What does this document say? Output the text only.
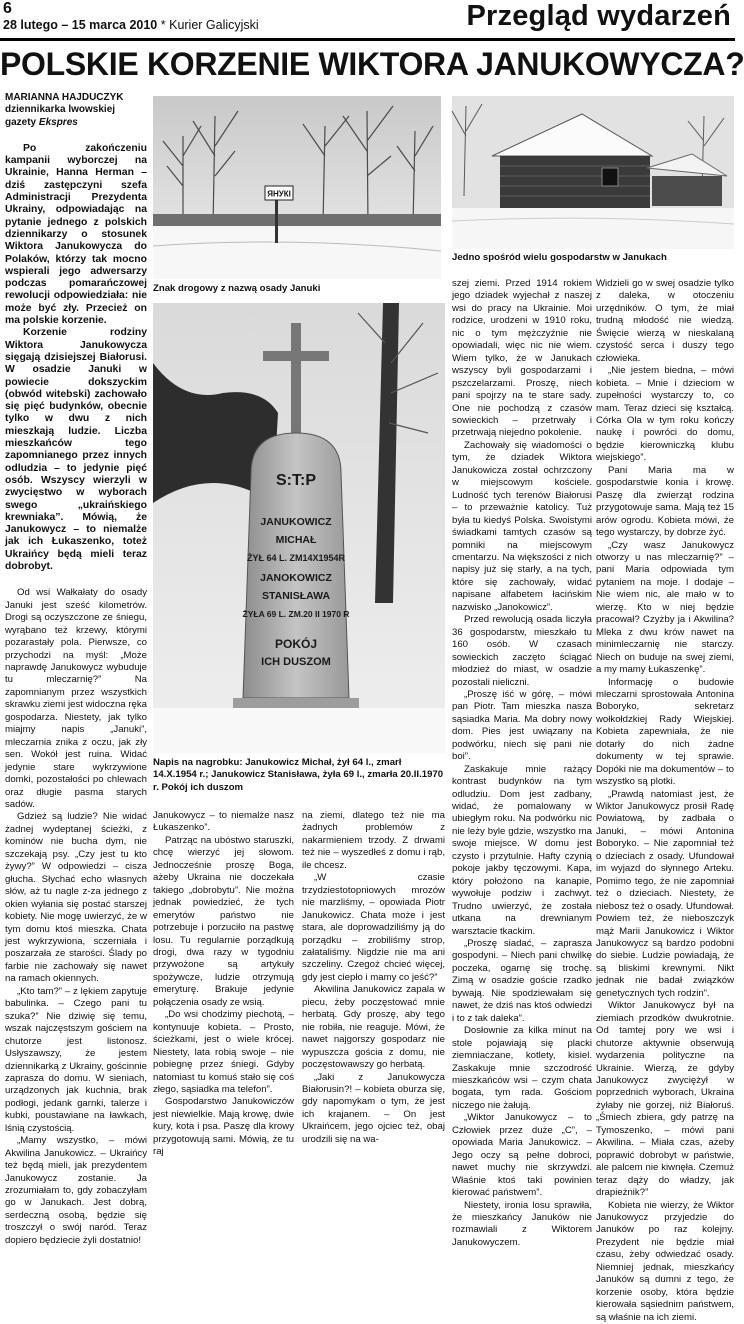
6
28 lutego – 15 marca 2010 * Kurier Galicyjski	Przegląd wydarzeń
POLSKIE KORZENIE WIKTORA JANUKOWYCZA?
MARIANNA HAJDUCZYK
dziennikarka lwowskiej gazety Ekspres

Po zakończeniu kampanii wyborczej na Ukrainie, Hanna Herman – dziś zastępczyni szefa Administracji Prezydenta Ukrainy, odpowiadając na pytanie jednego z polskich dziennikarzy o stosunek Wiktora Janukowycza do Polaków, którzy tak mocno wspierali jego adwersarzy podczas pomarańczowej rewolucji odpowiedziała: nie może być zły. Przecież on ma polskie korzenie.

Korzenie rodziny Wiktora Janukowycza sięgają dzisiejszej Białorusi. W osadzie Januki w powiecie dokszyckim (obwód witebski) zachowało się pięć budynków, obecnie tylko w dwu z nich mieszkają ludzie. Liczba mieszkańców tego zapomnianego przez innych odludzia – to jedynie pięć osób. Wszyscy wierzyli w zwycięstwo w wyborach swego „ukraińskiego krewniaka”. Mówią, że Janukowycz – to niemalże jak ich Łukaszenko, toteż Ukraińcy będą mieli teraz dobrobyt.

Od wsi Wałkałaty do osady Januki jest sześć kilometrów. Drogi są oczyszczone ze śniegu, wyrąbano też krzewy, którymi pozarastały pola. Pierwsze, co przychodzi na myśl: „Może naprawdę Janukowycz wybuduje tu mleczarnię?” Na zapomnianym przez wszystkich skrawku ziemi jest widoczna ręka gospodarza. Niestety, jak tylko miajmy napis „Januki”, mleczarnia znika z oczu, jak zły sen. Wokół jest ruina. Widać jedynie stare wykrzywione domki, pozostałości po chlewach oraz długie pasma starych sadów.

Gdzież są ludzie? Nie widać żadnej wydeptanej ścieżki, z kominów nie bucha dym, nie szczekają psy. „Czy jest tu kto żywy?” W odpowiedzi – cisza głucha. Słychać echo własnych słów, aż tu nagle z-za jednego z okien wyłania się postać starszej kobiety. Nie mogę uwierzyć, że w tym domu ktoś mieszka. Chata jest wykrzywiona, sczerniała i poszarzała ze starości. Ślady po farbie nie zachowały się nawet na ramach okiennych.

„Kto tam?” – z lękiem zapytuje babulinka. – Czego pani tu szuka?” Nie dziwię się temu, wszak najczęstszym gościem na chutorze jest listonosz. Usłyszawszy, że jestem dziennikarką z Ukrainy, gościnnie zaprasza do domu. W sieniach, urządzonych jak kuchnia, brak podłogi, jedank garnki, talerze i kubki, poustawiane na ławkach, lśnią czystością.

„Mamy wszystko, – mówi Akwilina Janukowicz. – Ukraińcy też będą mieli, jak prezydentem Janukowycz zostanie. Ja zrozumiałam to, gdy zobaczyłam go w Janukach. Jest dobrą, serdeczną osobą, będzie się troszczył o swój naród. Teraz dopiero będziecie żyli dostatnio!

ЯНУКІ
Znak drogowy z nazwą osady Januki
Jedno spośród wielu gospodarstw w Janukach
S:T:P
JANUKOWICZ
MICHAŁ
ŻYŁ 64 L. ZM14X1954R
JANOKOWICZ
STANISŁAWA
ŻYŁA 69 L. ZM.20 II 1970 R
POKÓJ
ICH DUSZOM
Napis na nagrobku: Janukowicz Michał, żył 64 l., zmarł 14.X.1954 r.; Janukowicz Stanisława, żyła 69 l., zmarła 20.II.1970 r. Pokój ich duszom

szej ziemi. Przed 1914 rokiem jego dziadek wyjechał z naszej wsi do pracy na Ukrainie. Moi rodzice, urodzeni w 1910 roku, nic o tym mężczyźnie nie opowiadali, więc nic nie wiem. Wiem tylko, że w Janukach wszyscy byli gospodarzami i pszczelarzami. Proszę, niech pani spojrzy na te stare sady. One nie pochodzą z czasów sowieckich – przetrwały i przetrwają niejedno pokolenie.

Zachowały się wiadomości o tym, że dziadek Wiktora Janukowicza został ochrzczony w miejscowym kościele. Ludność tych terenów Białorusi – to przeważnie katolicy. Tuż była tu kiedyś Polska. Swoistymi świadkami tamtych czasów są pomniki na miejscowym cmentarzu. Na większości z nich napisy już się starły, a na tych, które się zachowały, widać napisane alfabetem łacińskim nazwisko „Janokowicz”.

Przed rewolucją osada liczyła 36 gospodarstw, mieszkało tu 160 osób. W czasach sowieckich zaczęto ściągać młodzież do miast, w osadzie pozostali nieliczni.

„Proszę iść w górę, – mówi pan Piotr. Tam mieszka nasza sąsiadka Maria. Ma dobry nowy dom. Pies jest uwiązany na podwórku, niech się pani nie boi”.

Zaskakuje mnie rażący kontrast budynków na tym odludziu. Dom jest zadbany, widać, że pomalowany w ubiegłym roku. Na podwórku nic nie leży byle gdzie, wszystko ma swoje miejsce. W domu jest czysto i przytulnie. Hafty czynią pokoje jakby tęczowymi. Kapa, który położono na kanapie, wywołuje podziw i zachwyt. Trudno uwierzyć, że została utkana na drewnianym warsztacie tkackim.

„Proszę siadać, – zaprasza gospodyni. – Niech pani chwilkę poczeka, ogarnę się trochę. Zimą w osadzie goście rzadko bywają. Nie spodziewałam się nawet, że dziś nas ktoś odwiedzi i to z tak daleka”.

Dosłownie za kilka minut na stole pojawiają się placki ziemniaczane, kotlety, kisiel. Zaskakuje mnie szczodrość mieszkańców wsi – czym chata bogata, tym rada. Gościom niczego nie żałują.

„Wiktor Janukowycz – to Człowiek przez duże „C”, – opowiada Maria Janukowicz. – Jego oczy są pełne dobroci, nawet muchy nie skrzywdzi. Właśnie ktoś taki powinien kierować państwem”.

Niestety, ironia losu sprawiła, że mieszkańcy Januków nie rozmawiali z Wiktorem Janukowyczem.

Widzieli go w swej osadzie tylko z daleka, w otoczeniu urzędników. O tym, że miał trudną młodość nie wiedzą. Święcie wierzą w nieskalaną czystość serca i duszy tego człowieka.

„Nie jestem biedna, – mówi kobieta. – Mnie i dzieciom w zupełności wystarczy to, co mam. Teraz dzieci się kształcą. Córka Ola w tym roku kończy naukę i powróci do domu, będzie kierowniczką klubu wiejskiego”.

Pani Maria ma w gospodarstwie konia i krowę. Paszę dla zwierząt rodzina przygotowuje sama. Mają też 15 arów ogrodu. Kobieta mówi, że tego wystarczy, by dobrze żyć.

„Czy wasz Janukowycz otworzy u nas mleczarnię?” – pani Maria odpowiada tym pytaniem na moje. I dodaje – Nie wiem nic, ale mało w to wierzę. Kto w niej będzie pracował? Czyżby ja i Akwilina? Mleka z dwu krów nawet na minimleczarnię nie starczy. Niech on buduje na swej ziemi, a my mamy Łukaszenkę”.

Informację o budowie mleczarni sprostowała Antonina Boboryko, sekretarz wołkołdzkiej Rady Wiejskiej. Kobieta zapewniała, że nie dotarły do nich żadne dokumenty w tej sprawie. Dopóki nie ma dokumentów – to wszystko są plotki.

„Prawdą natomiast jest, że Wiktor Janukowycz prosił Radę Powiatową, by zadbała o Januki, – mówi Antonina Boboryko. – Nie zapomniał też o dzieciach z osady. Ufundował im wyjazd do słynnego Arteku. Pomimo tego, że nie zapomniał też o dzieciach. Niestety, że niebosz też o osady. Ufundował. Powiem też, że nieboszczyk mąż Marii Janukowicz i Wiktor Janukowycz są bardzo podobni do siebie. Ludzie powiadają, że są bliskimi krewnymi. Nikt jednak nie badał związków genetycznych tych rodzin”.

Wiktor Janukowycz był na ziemiach przodków dwukrotnie. Od tamtej pory we wsi i chutorze aktywnie obserwują wydarzenia polityczne na Ukrainie. Wierzą, że gdyby Janukowycz zwyciężył w poprzednich wyborach, Ukraina żyłaby nie gorzej, niż Białoruś. „Śmiech zbiera, gdy patrzę na Tymoszenko, – mówi pani Akwilina. – Miała czas, ażeby poprawić dobrobyt w państwie, ale palcem nie kiwnęła. Czemuż teraz dąży do władzy, jak drapieżnik?”

Kobieta nie wierzy, że Wiktor Janukowycz przyjedzie do Januków po raz kolejny. Prezydent nie będzie miał czasu, żeby odwiedzać osady. Niemniej jednak, mieszkańcy Januków są dumni z tego, że korzenie osoby, która będzie kierowała sąsiednim państwem, są właśnie na ich ziemi.

Janukowycz – to niemalże nasz Łukaszenko”.

Patrząc na ubóstwo staruszki, chcę wierzyć jej słowom. Jednocześnie proszę Boga, ażeby Ukraina nie doczekała takiego „dobrobytu”. Nie można jednak powiedzieć, że tych emerytów państwo nie potrzebuje i porzuciło na pastwę losu. Tu regularnie porządkują drogi, dwa razy w tygodniu przywożone są artykuły spożywcze, ludzie otrzymują emeryturę. Brakuje jedynie połączenia osady ze wsią.

„Do wsi chodzimy piechotą, – kontynuuje kobieta. – Prosto, ścieżkami, jest o wiele krócej. Niestety, lata robią swoje – nie pobiegnę przez śniegi. Gdyby natomiast tu komuś stało się coś złego, sąsiadka ma telefon”.

Gospodarstwo Janukowiczów jest niewielkie. Mają krowę, dwie kury, kota i psa. Paszę dla krowy przygotowują sami. Mówią, że tu raj

na ziemi, dlatego też nie ma żadnych problemów z nakarmieniem trzody. Z drwami też nie – wyszedłeś z domu i rąb, ile chcesz.

„W czasie trzydziestotopniowych mrozów nie marzliśmy, – opowiada Piotr Janukowicz. Chata może i jest stara, ale doprowadziliśmy ją do porządku – zrobiliśmy strop, załataliśmy. Nigdzie nie ma ani szczeliny. Czegoż chcieć więcej, gdy jest ciepło i mamy co jeść?”

Akwilina Janukowicz zapala w piecu, żeby poczęstować mnie herbatą. Gdy proszę, aby tego nie robiła, nie reaguje. Mówi, że nawet najgorszy gospodarz nie wypuszcza gościa z domu, nie poczęstowawszy go herbatą.

„Jaki z Janukowycza Białorusin?! – kobieta oburza się, gdy napomykam o tym, że jest ich krajanem. – On jest Ukraińcem, jego ojciec też, obaj urodzili się na wa-
